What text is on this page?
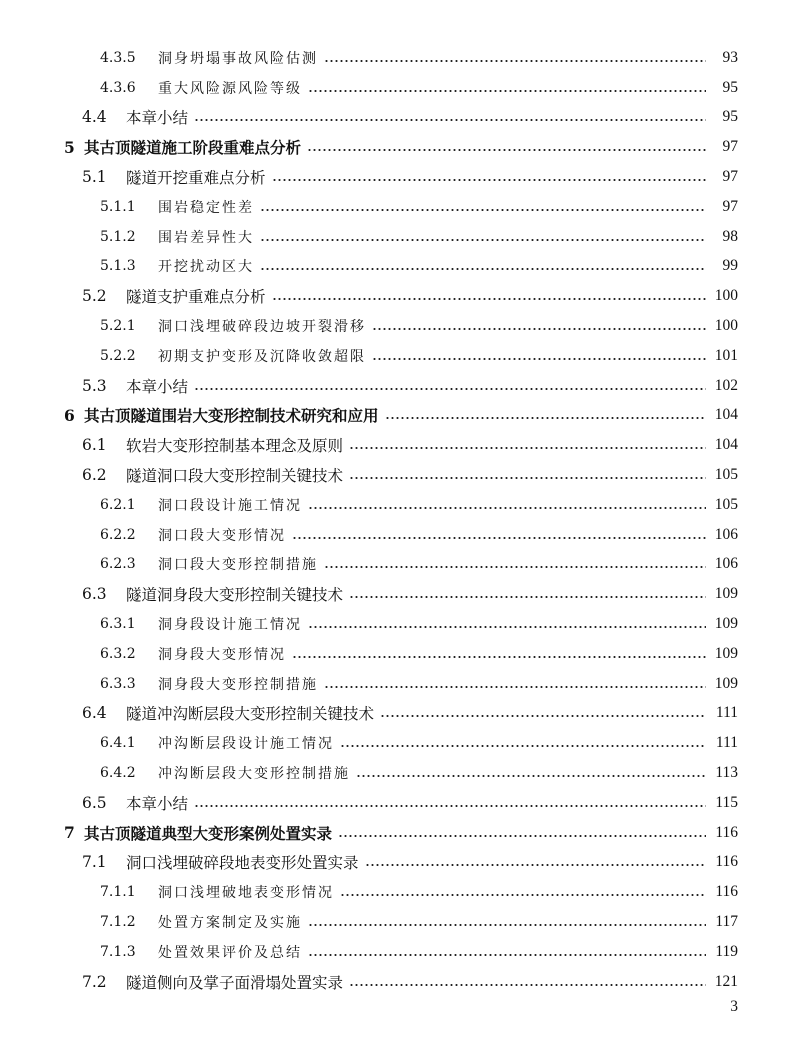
4.3.5	洞身坍塌事故风险估测	93
4.3.6	重大风险源风险等级	95
4.4	本章小结	95
5 其古顶隧道施工阶段重难点分析	97
5.1	隧道开挖重难点分析	97
5.1.1	围岩稳定性差	97
5.1.2	围岩差异性大	98
5.1.3	开挖扰动区大	99
5.2	隧道支护重难点分析	100
5.2.1	洞口浅埋破碎段边坡开裂滑移	100
5.2.2	初期支护变形及沉降收敛超限	101
5.3	本章小结	102
6 其古顶隧道围岩大变形控制技术研究和应用	104
6.1	软岩大变形控制基本理念及原则	104
6.2	隧道洞口段大变形控制关键技术	105
6.2.1	洞口段设计施工情况	105
6.2.2	洞口段大变形情况	106
6.2.3	洞口段大变形控制措施	106
6.3	隧道洞身段大变形控制关键技术	109
6.3.1	洞身段设计施工情况	109
6.3.2	洞身段大变形情况	109
6.3.3	洞身段大变形控制措施	109
6.4	隧道冲沟断层段大变形控制关键技术	111
6.4.1	冲沟断层段设计施工情况	111
6.4.2	冲沟断层段大变形控制措施	113
6.5	本章小结	115
7 其古顶隧道典型大变形案例处置实录	116
7.1	洞口浅埋破碎段地表变形处置实录	116
7.1.1	洞口浅埋破地表变形情况	116
7.1.2	处置方案制定及实施	117
7.1.3	处置效果评价及总结	119
7.2	隧道侧向及掌子面滑塌处置实录	121
3
